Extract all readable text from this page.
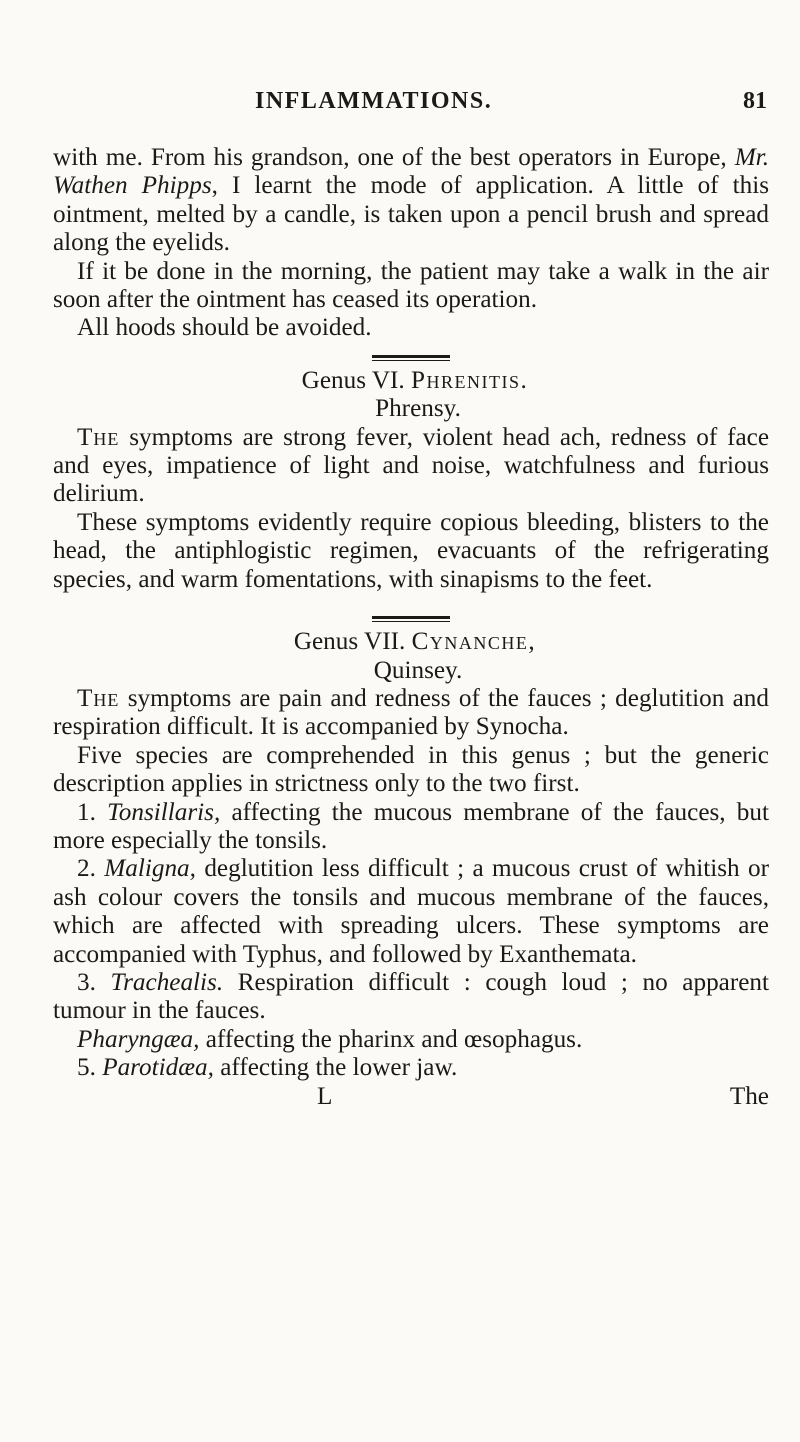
INFLAMMATIONS.	81

with me. From his grandson, one of the best operators in Europe, Mr. Wathen Phipps, I learnt the mode of application. A little of this ointment, melted by a candle, is taken upon a pencil brush and spread along the eyelids.

If it be done in the morning, the patient may take a walk in the air soon after the ointment has ceased its operation.

All hoods should be avoided.

Genus VI. Phrenitis.

Phrensy.

The symptoms are strong fever, violent head ach, redness of face and eyes, impatience of light and noise, watchfulness and furious delirium.

These symptoms evidently require copious bleeding, blisters to the head, the antiphlogistic regimen, evacuants of the refrigerating species, and warm fomentations, with sinapisms to the feet.

Genus VII. Cynanche,

Quinsey.

The symptoms are pain and redness of the fauces ; deglutition and respiration difficult. It is accompanied by Synocha.

Five species are comprehended in this genus ; but the generic description applies in strictness only to the two first.

1. Tonsillaris, affecting the mucous membrane of the fauces, but more especially the tonsils.

2. Maligna, deglutition less difficult ; a mucous crust of whitish or ash colour covers the tonsils and mucous membrane of the fauces, which are affected with spreading ulcers. These symptoms are accompanied with Typhus, and followed by Exanthemata.

3. Trachealis. Respiration difficult : cough loud ; no apparent tumour in the fauces.

Pharyngæa, affecting the pharinx and œsophagus.

5. Parotidæa, affecting the lower jaw.

L	The
